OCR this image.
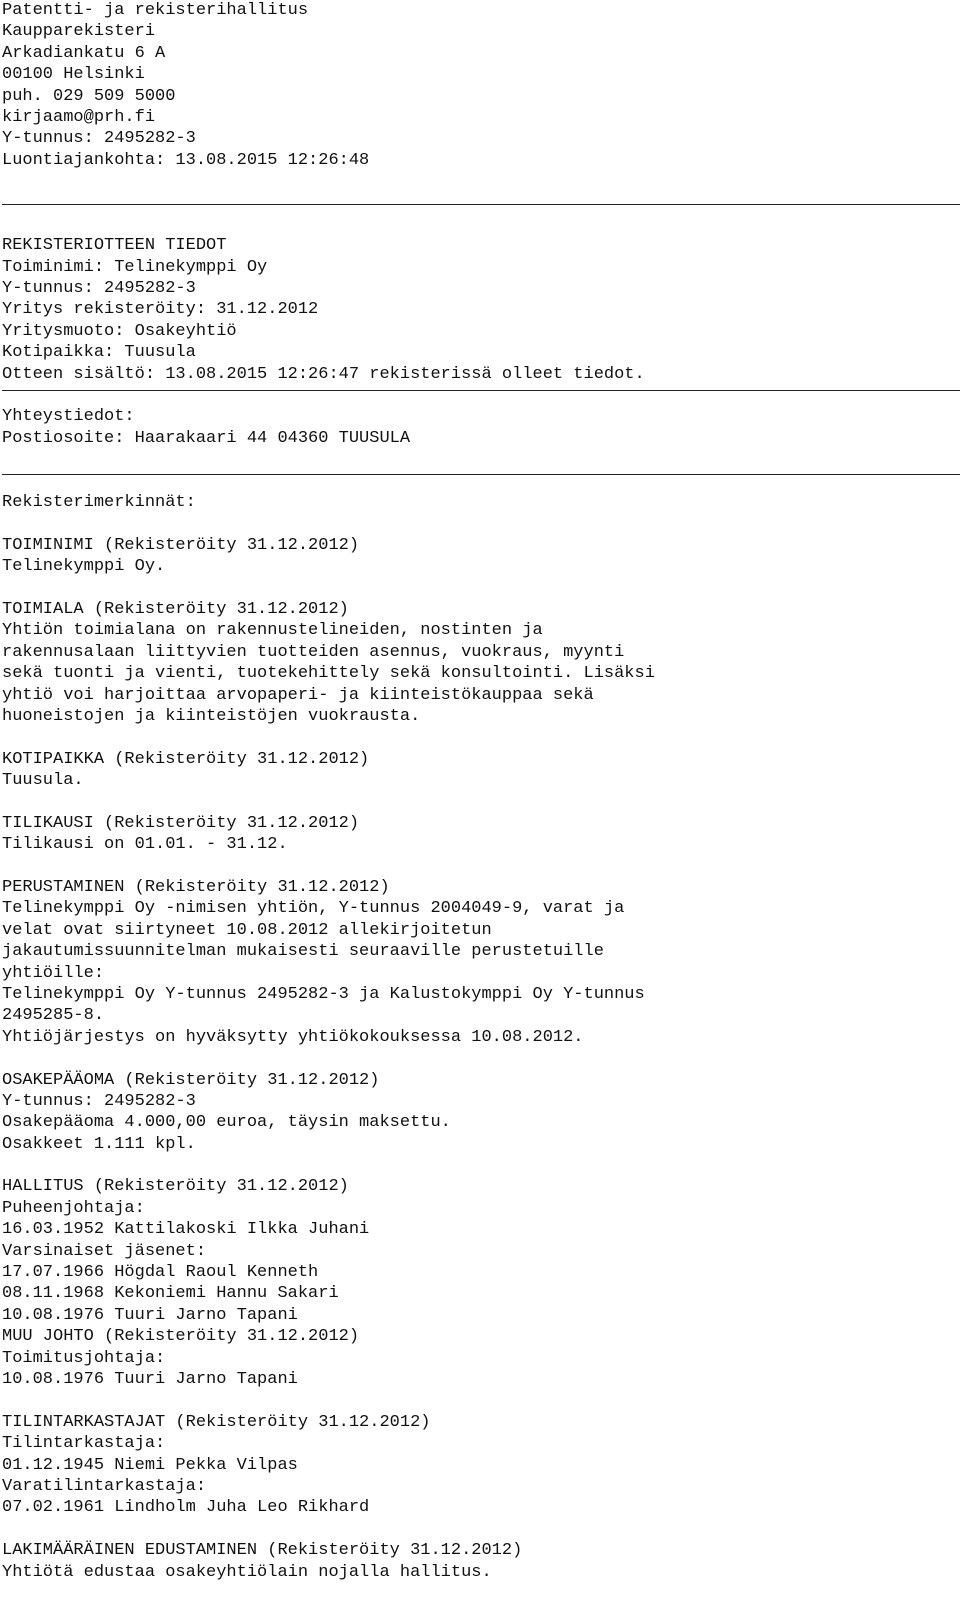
Patentti- ja rekisterihallitus
Kaupparekisteri
Arkadiankatu 6 A
00100 Helsinki
puh. 029 509 5000
kirjaamo@prh.fi
Y-tunnus: 2495282-3
Luontiajankohta: 13.08.2015 12:26:48
REKISTERIOTTEEN TIEDOT
Toiminimi: Telinekymppi Oy
Y-tunnus: 2495282-3
Yritys rekisteröity: 31.12.2012
Yritysmuoto: Osakeyhtiö
Kotipaikka: Tuusula
Otteen sisältö: 13.08.2015 12:26:47 rekisterissä olleet tiedot.
Yhteystiedot:
Postiosoite: Haarakaari 44 04360 TUUSULA
Rekisterimerkinnät:
TOIMINIMI (Rekisteröity 31.12.2012)
Telinekymppi Oy.
TOIMIALA (Rekisteröity 31.12.2012)
Yhtiön toimialana on rakennustelineiden, nostinten ja
rakennusalaan liittyvien tuotteiden asennus, vuokraus, myynti
sekä tuonti ja vienti, tuotekehittely sekä konsultointi. Lisäksi
yhtiö voi harjoittaa arvopaperi- ja kiinteistökauppaa sekä
huoneistojen ja kiinteistöjen vuokrausta.
KOTIPAIKKA (Rekisteröity 31.12.2012)
Tuusula.
TILIKAUSI (Rekisteröity 31.12.2012)
Tilikausi on 01.01. - 31.12.
PERUSTAMINEN (Rekisteröity 31.12.2012)
Telinekymppi Oy -nimisen yhtiön, Y-tunnus 2004049-9, varat ja
velat ovat siirtyneet 10.08.2012 allekirjoitetun
jakautumissuunnitelman mukaisesti seuraaville perustetuille
yhtiöille:
Telinekymppi Oy Y-tunnus 2495282-3 ja Kalustokymppi Oy Y-tunnus
2495285-8.
Yhtiöjärjestys on hyväksytty yhtiökokouksessa 10.08.2012.
OSAKEPÄÄOMA (Rekisteröity 31.12.2012)
Y-tunnus: 2495282-3
Osakepääoma 4.000,00 euroa, täysin maksettu.
Osakkeet 1.111 kpl.
HALLITUS (Rekisteröity 31.12.2012)
Puheenjohtaja:
16.03.1952 Kattilakoski Ilkka Juhani
Varsinaiset jäsenet:
17.07.1966 Högdal Raoul Kenneth
08.11.1968 Kekoniemi Hannu Sakari
10.08.1976 Tuuri Jarno Tapani
MUU JOHTO (Rekisteröity 31.12.2012)
Toimitusjohtaja:
10.08.1976 Tuuri Jarno Tapani
TILINTARKASTAJAT (Rekisteröity 31.12.2012)
Tilintarkastaja:
01.12.1945 Niemi Pekka Vilpas
Varatilintarkastaja:
07.02.1961 Lindholm Juha Leo Rikhard
LAKIMÄÄRÄINEN EDUSTAMINEN (Rekisteröity 31.12.2012)
Yhtiötä edustaa osakeyhtiölain nojalla hallitus.
